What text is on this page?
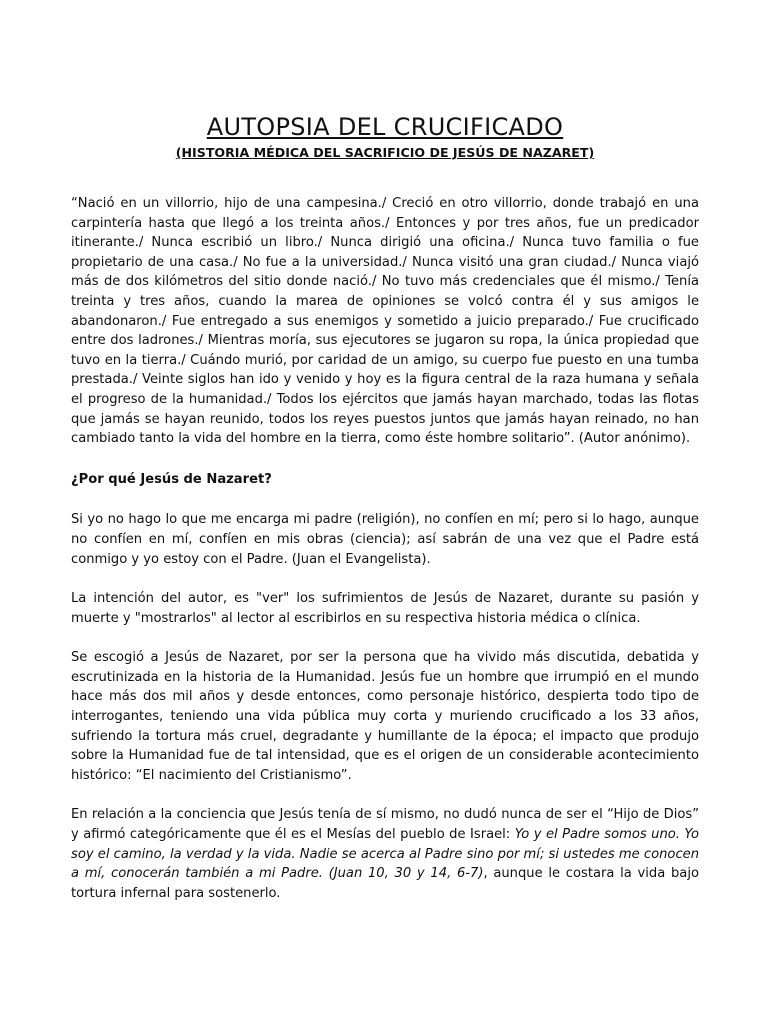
AUTOPSIA DEL CRUCIFICADO
(HISTORIA MÉDICA DEL SACRIFICIO DE JESÚS DE NAZARET)

“Nació en un villorrio, hijo de una campesina./ Creció en otro villorrio, donde trabajó en una carpintería hasta que llegó a los treinta años./ Entonces y por tres años, fue un predicador itinerante./ Nunca escribió un libro./ Nunca dirigió una oficina./ Nunca tuvo familia o fue propietario de una casa./ No fue a la universidad./ Nunca visitó una gran ciudad./ Nunca viajó más de dos kilómetros del sitio donde nació./ No tuvo más credenciales que él mismo./ Tenía treinta y tres años, cuando la marea de opiniones se volcó contra él y sus amigos le abandonaron./ Fue entregado a sus enemigos y sometido a juicio preparado./ Fue crucificado entre dos ladrones./ Mientras moría, sus ejecutores se jugaron su ropa, la única propiedad que tuvo en la tierra./ Cuándo murió, por caridad de un amigo, su cuerpo fue puesto en una tumba prestada./ Veinte siglos han ido y venido y hoy es la figura central de la raza humana y señala el progreso de la humanidad./ Todos los ejércitos que jamás hayan marchado, todas las flotas que jamás se hayan reunido, todos los reyes puestos juntos que jamás hayan reinado, no han cambiado tanto la vida del hombre en la tierra, como éste hombre solitario”. (Autor anónimo).

¿Por qué Jesús de Nazaret?

Si yo no hago lo que me encarga mi padre (religión), no confíen en mí; pero si lo hago, aunque no confíen en mí, confíen en mis obras (ciencia); así sabrán de una vez que el Padre está conmigo y yo estoy con el Padre. (Juan el Evangelista).

La intención del autor, es "ver" los sufrimientos de Jesús de Nazaret, durante su pasión y muerte y "mostrarlos" al lector al escribirlos en su respectiva historia médica o clínica.

Se escogió a Jesús de Nazaret, por ser la persona que ha vivido más discutida, debatida y escrutinizada en la historia de la Humanidad. Jesús fue un hombre que irrumpió en el mundo hace más dos mil años y desde entonces, como personaje histórico, despierta todo tipo de interrogantes, teniendo una vida pública muy corta y muriendo crucificado a los 33 años, sufriendo la tortura más cruel, degradante y humillante de la época; el impacto que produjo sobre la Humanidad fue de tal intensidad, que es el origen de un considerable acontecimiento histórico: “El nacimiento del Cristianismo”.

En relación a la conciencia que Jesús tenía de sí mismo, no dudó nunca de ser el “Hijo de Dios” y afirmó categóricamente que él es el Mesías del pueblo de Israel: Yo y el Padre somos uno. Yo soy el camino, la verdad y la vida. Nadie se acerca al Padre sino por mí; si ustedes me conocen a mí, conocerán también a mi Padre. (Juan 10, 30 y 14, 6-7), aunque le costara la vida bajo tortura infernal para sostenerlo.
